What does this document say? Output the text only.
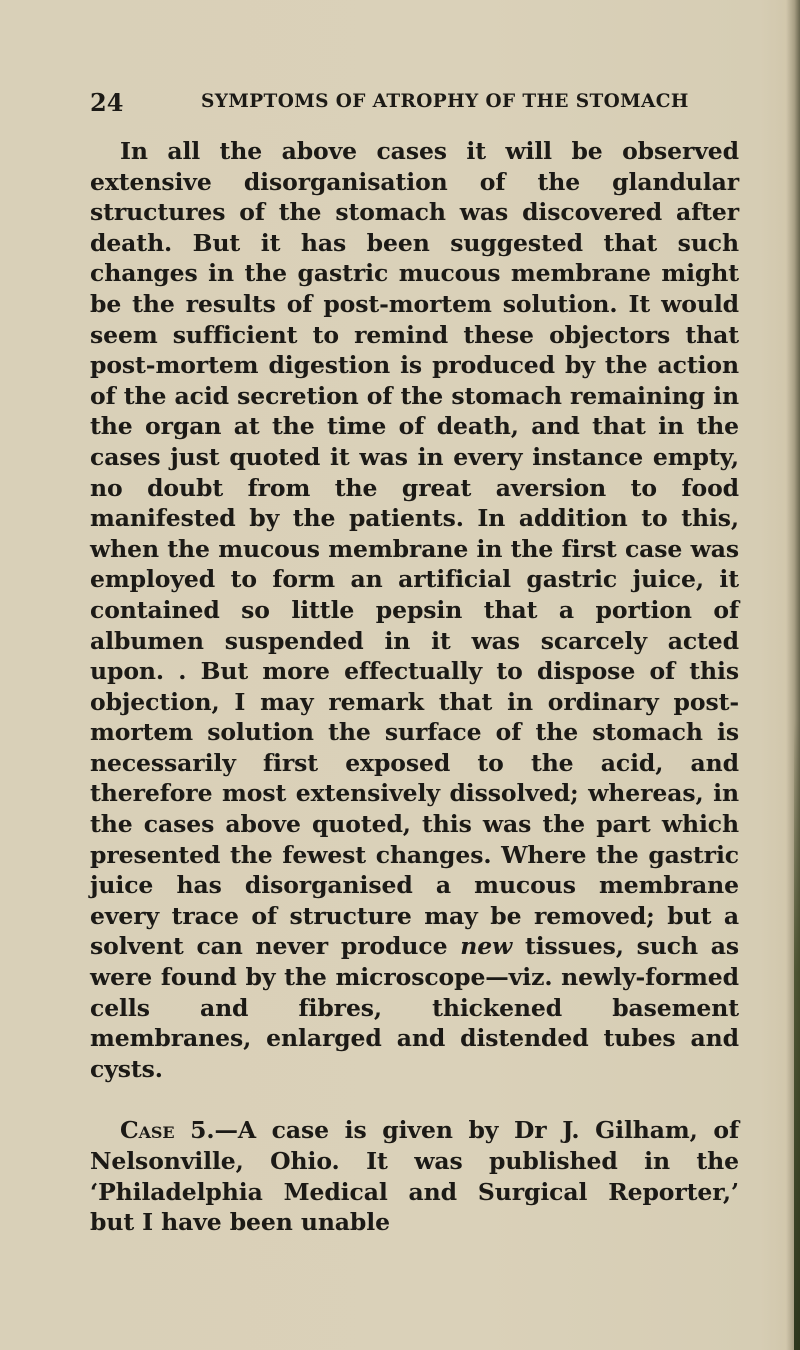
24	SYMPTOMS OF ATROPHY OF THE STOMACH

In all the above cases it will be observed extensive disorganisation of the glandular structures of the stomach was discovered after death. But it has been suggested that such changes in the gastric mucous membrane might be the results of post-mortem solution. It would seem sufficient to remind these objectors that post-mortem digestion is produced by the action of the acid secretion of the stomach remaining in the organ at the time of death, and that in the cases just quoted it was in every instance empty, no doubt from the great aversion to food manifested by the patients. In addition to this, when the mucous membrane in the first case was employed to form an artificial gastric juice, it contained so little pepsin that a portion of albumen suspended in it was scarcely acted upon. . But more effectually to dispose of this objection, I may remark that in ordinary post-mortem solution the surface of the stomach is necessarily first exposed to the acid, and therefore most extensively dissolved; whereas, in the cases above quoted, this was the part which presented the fewest changes. Where the gastric juice has disorganised a mucous membrane every trace of structure may be removed; but a solvent can never produce new tissues, such as were found by the microscope—viz. newly-formed cells and fibres, thickened basement membranes, enlarged and distended tubes and cysts.

Case 5.—A case is given by Dr J. Gilham, of Nelsonville, Ohio. It was published in the ‘Philadelphia Medical and Surgical Reporter,’ but I have been unable
